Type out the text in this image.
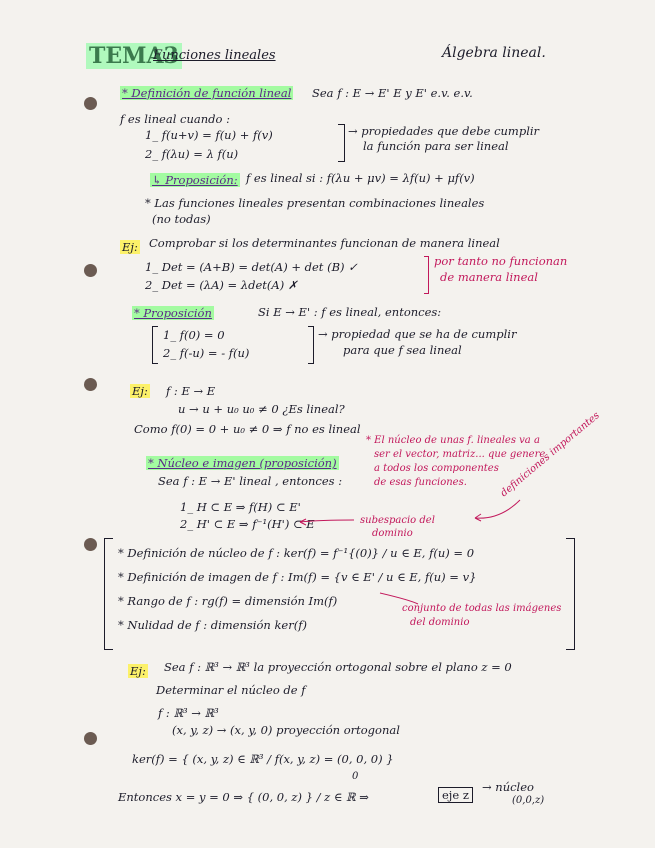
TEMA3
Funciones lineales	Álgebra lineal.
* Definición de función lineal Sea f : E → E' E y E' e.v. e.v.
f es lineal cuando :
1_ f(u+v) = f(u) + f(v)
2_ f(λu) = λ f(u)
→ propiedades que debe cumplir
la función para ser lineal
↳ Proposición: f es lineal si : f(λu + μv) = λf(u) + μf(v)
* Las funciones lineales presentan combinaciones lineales
(no todas)
Ej: Comprobar si los determinantes funcionan de manera lineal
1_ Det = (A+B) = det(A) + det (B) ✓
2_ Det = (λA) = λdet(A) ✗
por tanto no funcionan
de manera lineal
* Proposición	Si E → E' : f es lineal, entonces:
1_ f(0) = 0
2_ f(-u) = - f(u)
→ propiedad que se ha de cumplir
para que f sea lineal
Ej: f : E → E
u → u + u₀ u₀ ≠ 0 ¿Es lineal?
Como f(0) = 0 + u₀ ≠ 0 ⇒ f no es lineal
* Núcleo e imagen (proposición)
Sea f : E → E' lineal , entonces :
1_ H ⊂ E ⇒ f(H) ⊂ E'
2_ H' ⊂ E ⇒ f⁻¹(H') ⊂ E
* El núcleo de unas f. lineales va a
ser el vector, matriz... que genere
a todos los componentes
de esas funciones.	definiciones importantes
subespacio del
dominio
* Definición de núcleo de f : ker(f) = f⁻¹{(0)} / u ∈ E, f(u) = 0
* Definición de imagen de f : Im(f) = {v ∈ E' / u ∈ E, f(u) = v}
* Rango de f : rg(f) = dimensión Im(f)
* Nulidad de f : dimensión ker(f)
conjunto de todas las imágenes
del dominio
Ej: Sea f : ℝ³ → ℝ³ la proyección ortogonal sobre el plano z = 0
Determinar el núcleo de f
f : ℝ³ → ℝ³
(x, y, z) → (x, y, 0) proyección ortogonal
ker(f) = { (x, y, z) ∈ ℝ³ / f(x, y, z) = (0, 0, 0) }
0
Entonces x = y = 0 ⇒ { (0, 0, z) } / z ∈ ℝ ⇒	eje z
→ núcleo
(0,0,z)
